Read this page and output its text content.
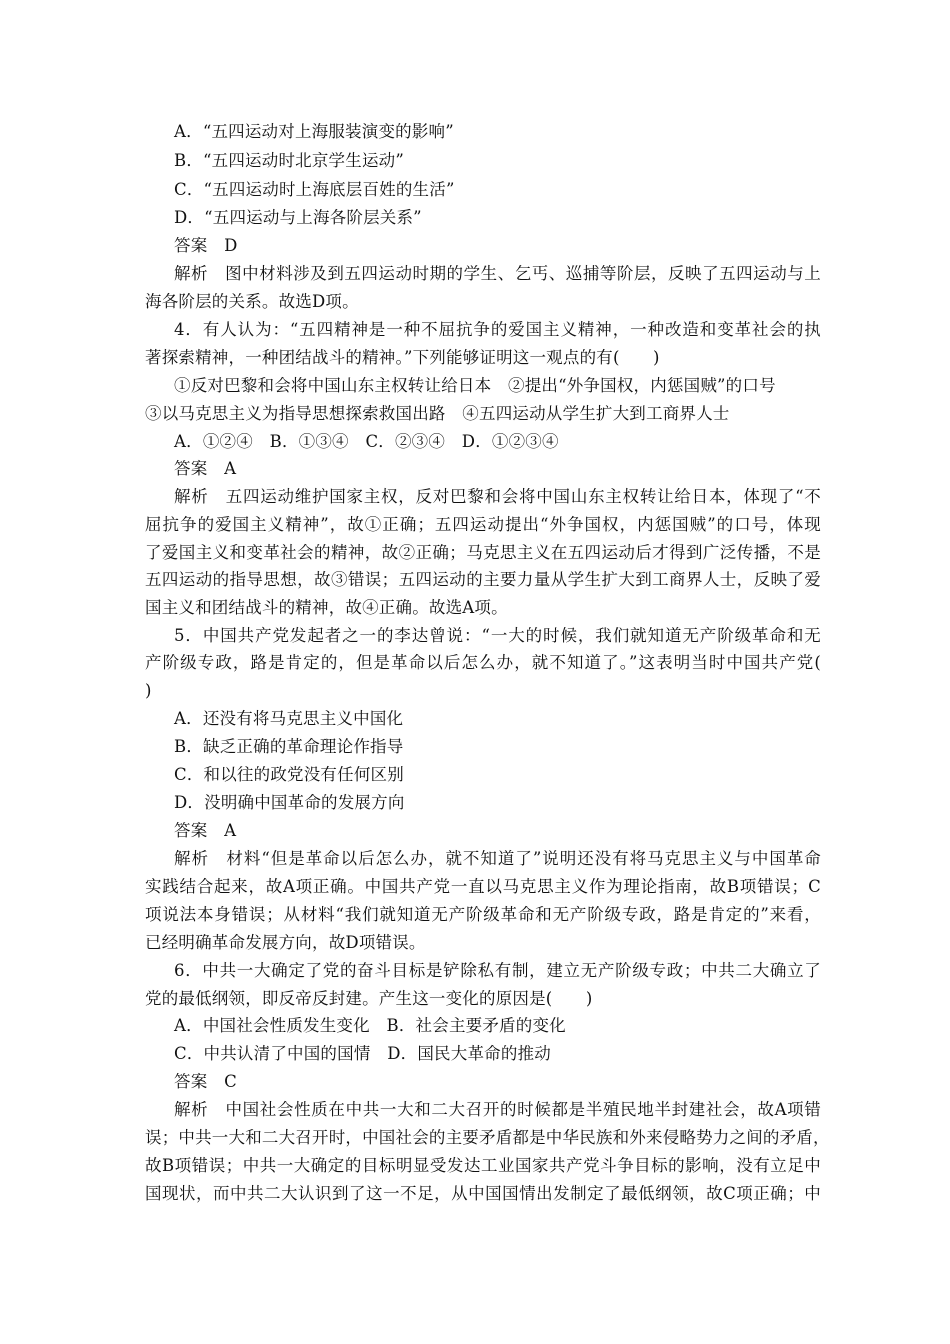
A．“五四运动对上海服装演变的影响”
B．“五四运动时北京学生运动”
C．“五四运动时上海底层百姓的生活”
D．“五四运动与上海各阶层关系”
答案　D
解析　图中材料涉及到五四运动时期的学生、乞丐、巡捕等阶层，反映了五四运动与上
海各阶层的关系。故选D项。
4．有人认为：“五四精神是一种不屈抗争的爱国主义精神，一种改造和变革社会的执
著探索精神，一种团结战斗的精神。”下列能够证明这一观点的有(　　)
①反对巴黎和会将中国山东主权转让给日本　②提出“外争国权，内惩国贼”的口号
③以马克思主义为指导思想探索救国出路　④五四运动从学生扩大到工商界人士
A．①②④　B．①③④　C．②③④　D．①②③④
答案　A
解析　五四运动维护国家主权，反对巴黎和会将中国山东主权转让给日本，体现了“不
屈抗争的爱国主义精神”，故①正确；五四运动提出“外争国权，内惩国贼”的口号，体现
了爱国主义和变革社会的精神，故②正确；马克思主义在五四运动后才得到广泛传播，不是
五四运动的指导思想，故③错误；五四运动的主要力量从学生扩大到工商界人士，反映了爱
国主义和团结战斗的精神，故④正确。故选A项。
5．中国共产党发起者之一的李达曾说：“一大的时候，我们就知道无产阶级革命和无
产阶级专政，路是肯定的，但是革命以后怎么办，就不知道了。”这表明当时中国共产党(
)
A．还没有将马克思主义中国化
B．缺乏正确的革命理论作指导
C．和以往的政党没有任何区别
D．没明确中国革命的发展方向
答案　A
解析　材料“但是革命以后怎么办，就不知道了”说明还没有将马克思主义与中国革命
实践结合起来，故A项正确。中国共产党一直以马克思主义作为理论指南，故B项错误；C
项说法本身错误；从材料“我们就知道无产阶级革命和无产阶级专政，路是肯定的”来看，
已经明确革命发展方向，故D项错误。
6．中共一大确定了党的奋斗目标是铲除私有制，建立无产阶级专政；中共二大确立了
党的最低纲领，即反帝反封建。产生这一变化的原因是(　　)
A．中国社会性质发生变化　B．社会主要矛盾的变化
C．中共认清了中国的国情　D．国民大革命的推动
答案　C
解析　中国社会性质在中共一大和二大召开的时候都是半殖民地半封建社会，故A项错
误；中共一大和二大召开时，中国社会的主要矛盾都是中华民族和外来侵略势力之间的矛盾，
故B项错误；中共一大确定的目标明显受发达工业国家共产党斗争目标的影响，没有立足中
国现状，而中共二大认识到了这一不足，从中国国情出发制定了最低纲领，故C项正确；中
